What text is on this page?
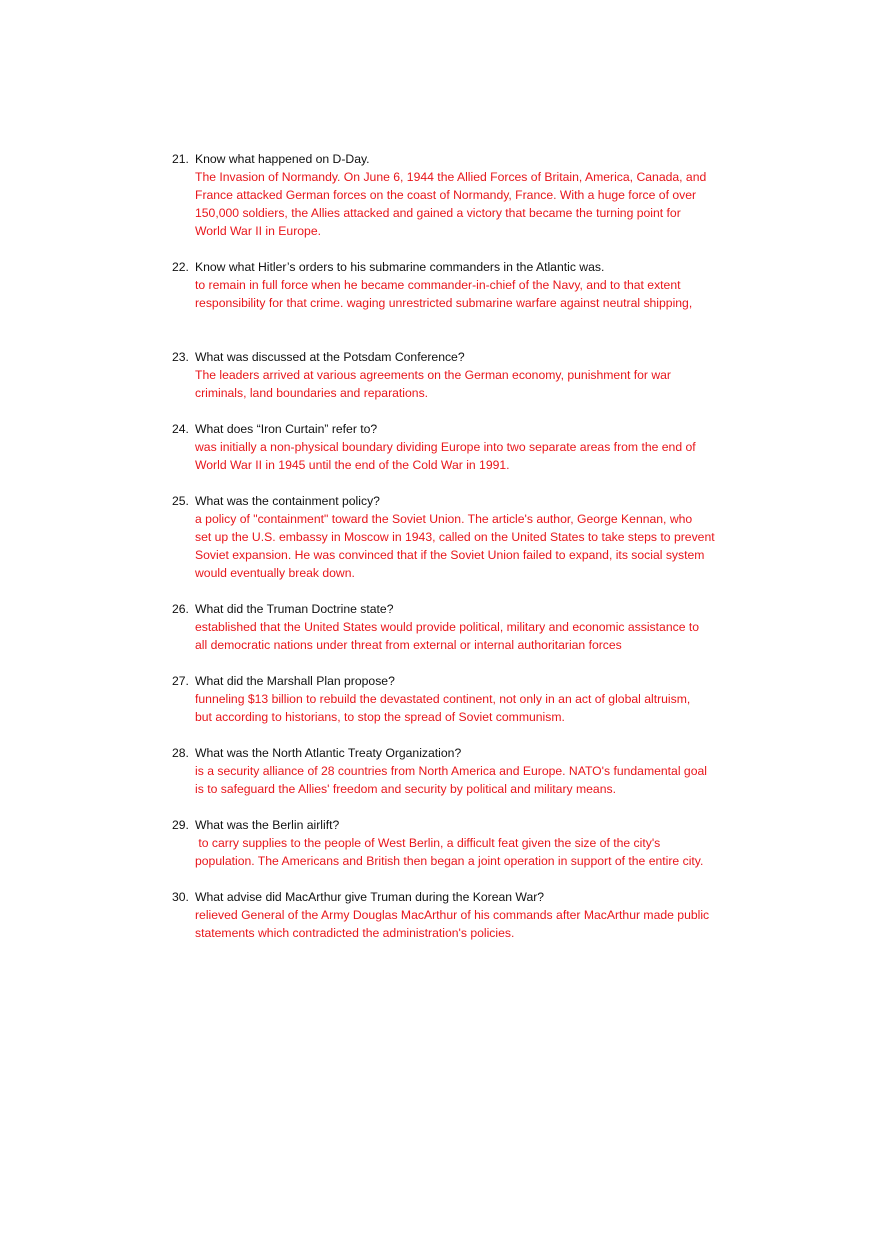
21. Know what happened on D-Day.
The Invasion of Normandy. On June 6, 1944 the Allied Forces of Britain, America, Canada, and
France attacked German forces on the coast of Normandy, France. With a huge force of over
150,000 soldiers, the Allies attacked and gained a victory that became the turning point for
World War II in Europe.
22. Know what Hitler’s orders to his submarine commanders in the Atlantic was.
to remain in full force when he became commander-in-chief of the Navy, and to that extent
responsibility for that crime. waging unrestricted submarine warfare against neutral shipping,
23. What was discussed at the Potsdam Conference?
The leaders arrived at various agreements on the German economy, punishment for war
criminals, land boundaries and reparations.
24. What does “Iron Curtain” refer to?
was initially a non-physical boundary dividing Europe into two separate areas from the end of
World War II in 1945 until the end of the Cold War in 1991.
25. What was the containment policy?
a policy of "containment" toward the Soviet Union. The article's author, George Kennan, who
set up the U.S. embassy in Moscow in 1943, called on the United States to take steps to prevent
Soviet expansion. He was convinced that if the Soviet Union failed to expand, its social system
would eventually break down.
26. What did the Truman Doctrine state?
established that the United States would provide political, military and economic assistance to
all democratic nations under threat from external or internal authoritarian forces
27. What did the Marshall Plan propose?
funneling $13 billion to rebuild the devastated continent, not only in an act of global altruism,
but according to historians, to stop the spread of Soviet communism.
28. What was the North Atlantic Treaty Organization?
is a security alliance of 28 countries from North America and Europe. NATO's fundamental goal
is to safeguard the Allies' freedom and security by political and military means.
29. What was the Berlin airlift?
to carry supplies to the people of West Berlin, a difficult feat given the size of the city's
population. The Americans and British then began a joint operation in support of the entire city.
30. What advise did MacArthur give Truman during the Korean War?
relieved General of the Army Douglas MacArthur of his commands after MacArthur made public
statements which contradicted the administration's policies.
